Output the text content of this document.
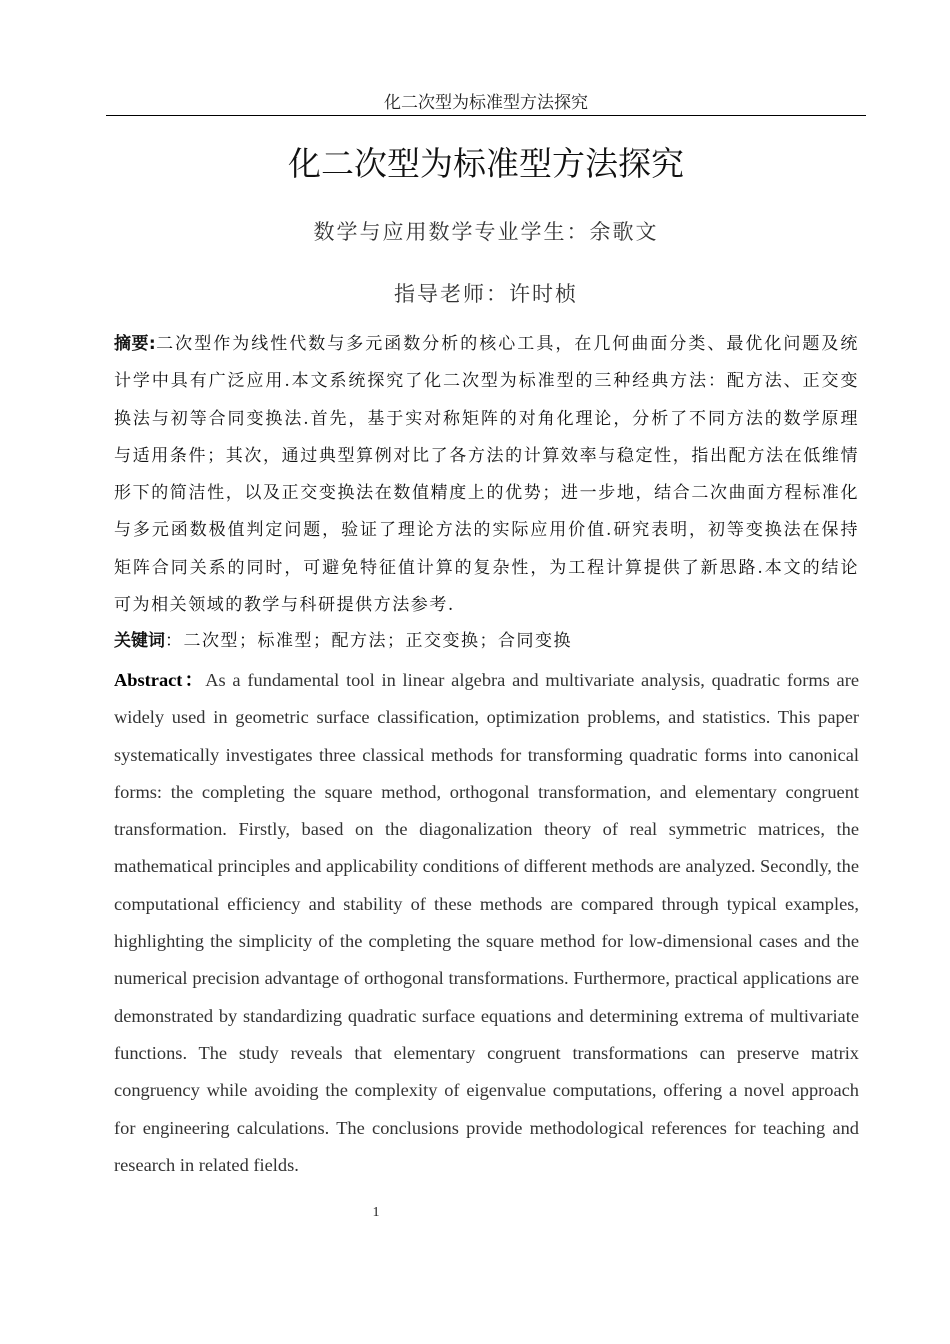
化二次型为标准型方法探究
化二次型为标准型方法探究
数学与应用数学专业学生：余歌文
指导老师：许时桢

摘要:二次型作为线性代数与多元函数分析的核心工具，在几何曲面分类、最优化问题及统计学中具有广泛应用.本文系统探究了化二次型为标准型的三种经典方法：配方法、正交变换法与初等合同变换法.首先，基于实对称矩阵的对角化理论，分析了不同方法的数学原理与适用条件；其次，通过典型算例对比了各方法的计算效率与稳定性，指出配方法在低维情形下的简洁性，以及正交变换法在数值精度上的优势；进一步地，结合二次曲面方程标准化与多元函数极值判定问题，验证了理论方法的实际应用价值.研究表明，初等变换法在保持矩阵合同关系的同时，可避免特征值计算的复杂性，为工程计算提供了新思路.本文的结论可为相关领域的教学与科研提供方法参考.

关键词：二次型；标准型；配方法；正交变换；合同变换

Abstract：As a fundamental tool in linear algebra and multivariate analysis, quadratic forms are widely used in geometric surface classification, optimization problems, and statistics. This paper systematically investigates three classical methods for transforming quadratic forms into canonical forms: the completing the square method, orthogonal transformation, and elementary congruent transformation. Firstly, based on the diagonalization theory of real symmetric matrices, the mathematical principles and applicability conditions of different methods are analyzed. Secondly, the computational efficiency and stability of these methods are compared through typical examples, highlighting the simplicity of the completing the square method for low-dimensional cases and the numerical precision advantage of orthogonal transformations. Furthermore, practical applications are demonstrated by standardizing quadratic surface equations and determining extrema of multivariate functions. The study reveals that elementary congruent transformations can preserve matrix congruency while avoiding the complexity of eigenvalue computations, offering a novel approach for engineering calculations. The conclusions provide methodological references for teaching and research in related fields.

1
